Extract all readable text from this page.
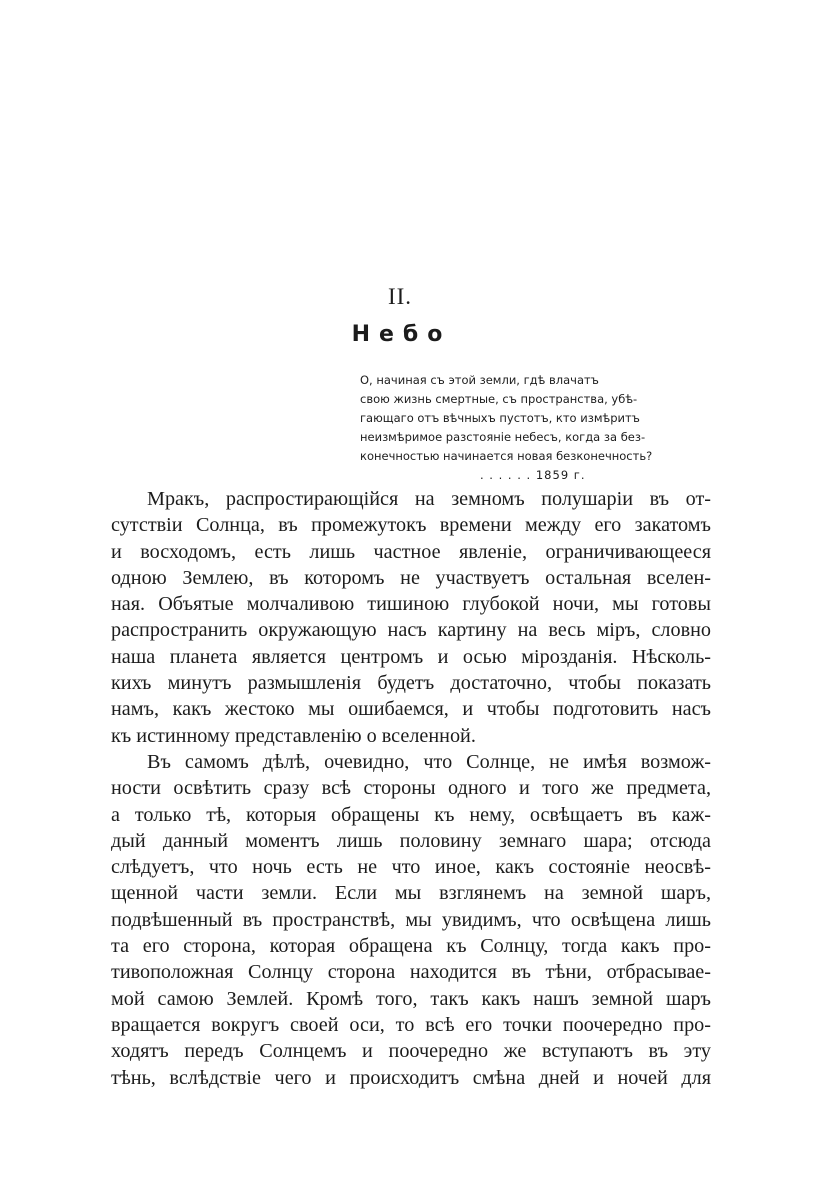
II.
Небо

О, начиная съ этой земли, гдѣ влачатъ

свою жизнь смертные, съ пространства, убѣ-

гающаго отъ вѣчныхъ пустотъ, кто измѣритъ

неизмѣримое разстояніе небесъ, когда за без-

конечностью начинается новая безконечность?

. . . . . . 1859 г.
Мракъ, распростирающійся на земномъ полушаріи въ от-
сутствіи Солнца, въ промежутокъ времени между его закатомъ
и восходомъ, есть лишь частное явленіе, ограничивающееся
одною Землею, въ которомъ не участвуетъ остальная вселен-
ная. Объятые молчаливою тишиною глубокой ночи, мы готовы
распространить окружающую насъ картину на весь міръ, словно
наша планета является центромъ и осью мірозданія. Нѣсколь-
кихъ минутъ размышленія будетъ достаточно, чтобы показать
намъ, какъ жестоко мы ошибаемся, и чтобы подготовить насъ
къ истинному представленію о вселенной.
Въ самомъ дѣлѣ, очевидно, что Солнце, не имѣя возмож-
ности освѣтить сразу всѣ стороны одного и того же предмета,
а только тѣ, которыя обращены къ нему, освѣщаетъ въ каж-
дый данный моментъ лишь половину земнаго шара; отсюда
слѣдуетъ, что ночь есть не что иное, какъ состояніе неосвѣ-
щенной части земли. Если мы взглянемъ на земной шаръ,
подвѣшенный въ пространствѣ, мы увидимъ, что освѣщена лишь
та его сторона, которая обращена къ Солнцу, тогда какъ про-
тивоположная Солнцу сторона находится въ тѣни, отбрасывае-
мой самою Землей. Кромѣ того, такъ какъ нашъ земной шаръ
вращается вокругъ своей оси, то всѣ его точки поочередно про-
ходятъ передъ Солнцемъ и поочередно же вступаютъ въ эту
тѣнь, вслѣдствіе чего и происходитъ смѣна дней и ночей для
